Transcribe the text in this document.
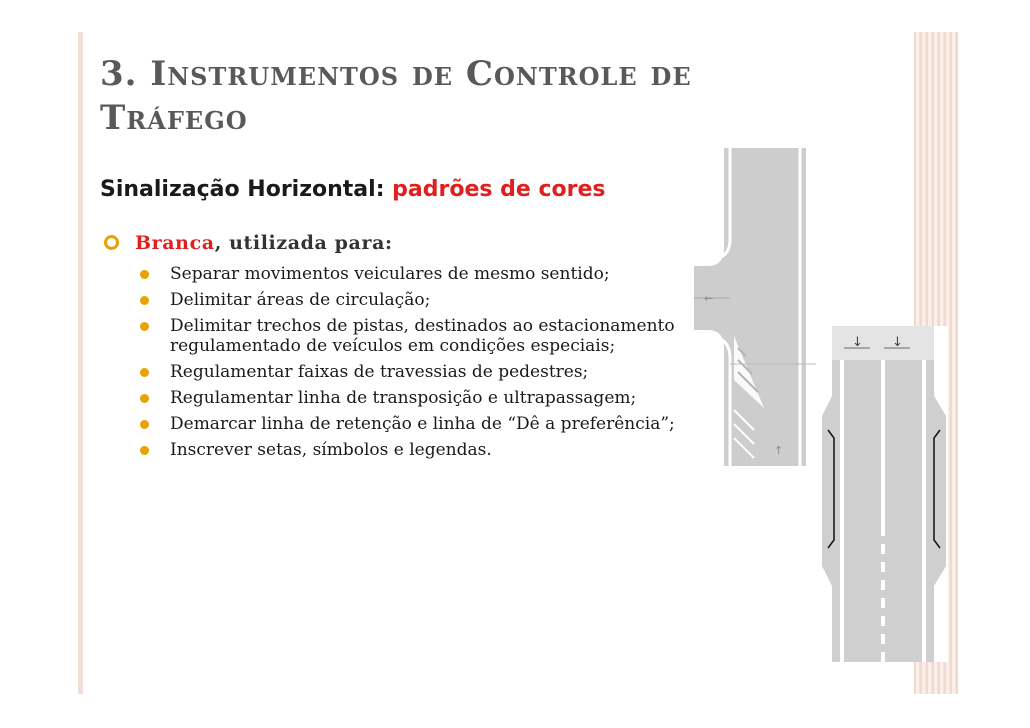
3. Instrumentos de Controle de Tráfego
Sinalização Horizontal: padrões de cores
Branca, utilizada para:
Separar movimentos veiculares de mesmo sentido;
Delimitar áreas de circulação;
Delimitar trechos de pistas, destinados ao estacionamento regulamentado de veículos em condições especiais;
Regulamentar faixas de travessias de pedestres;
Regulamentar linha de transposição e ultrapassagem;
Demarcar linha de retenção e linha de “Dê a preferência”;
Inscrever setas, símbolos e legendas.
←
↑
↓ ↓
